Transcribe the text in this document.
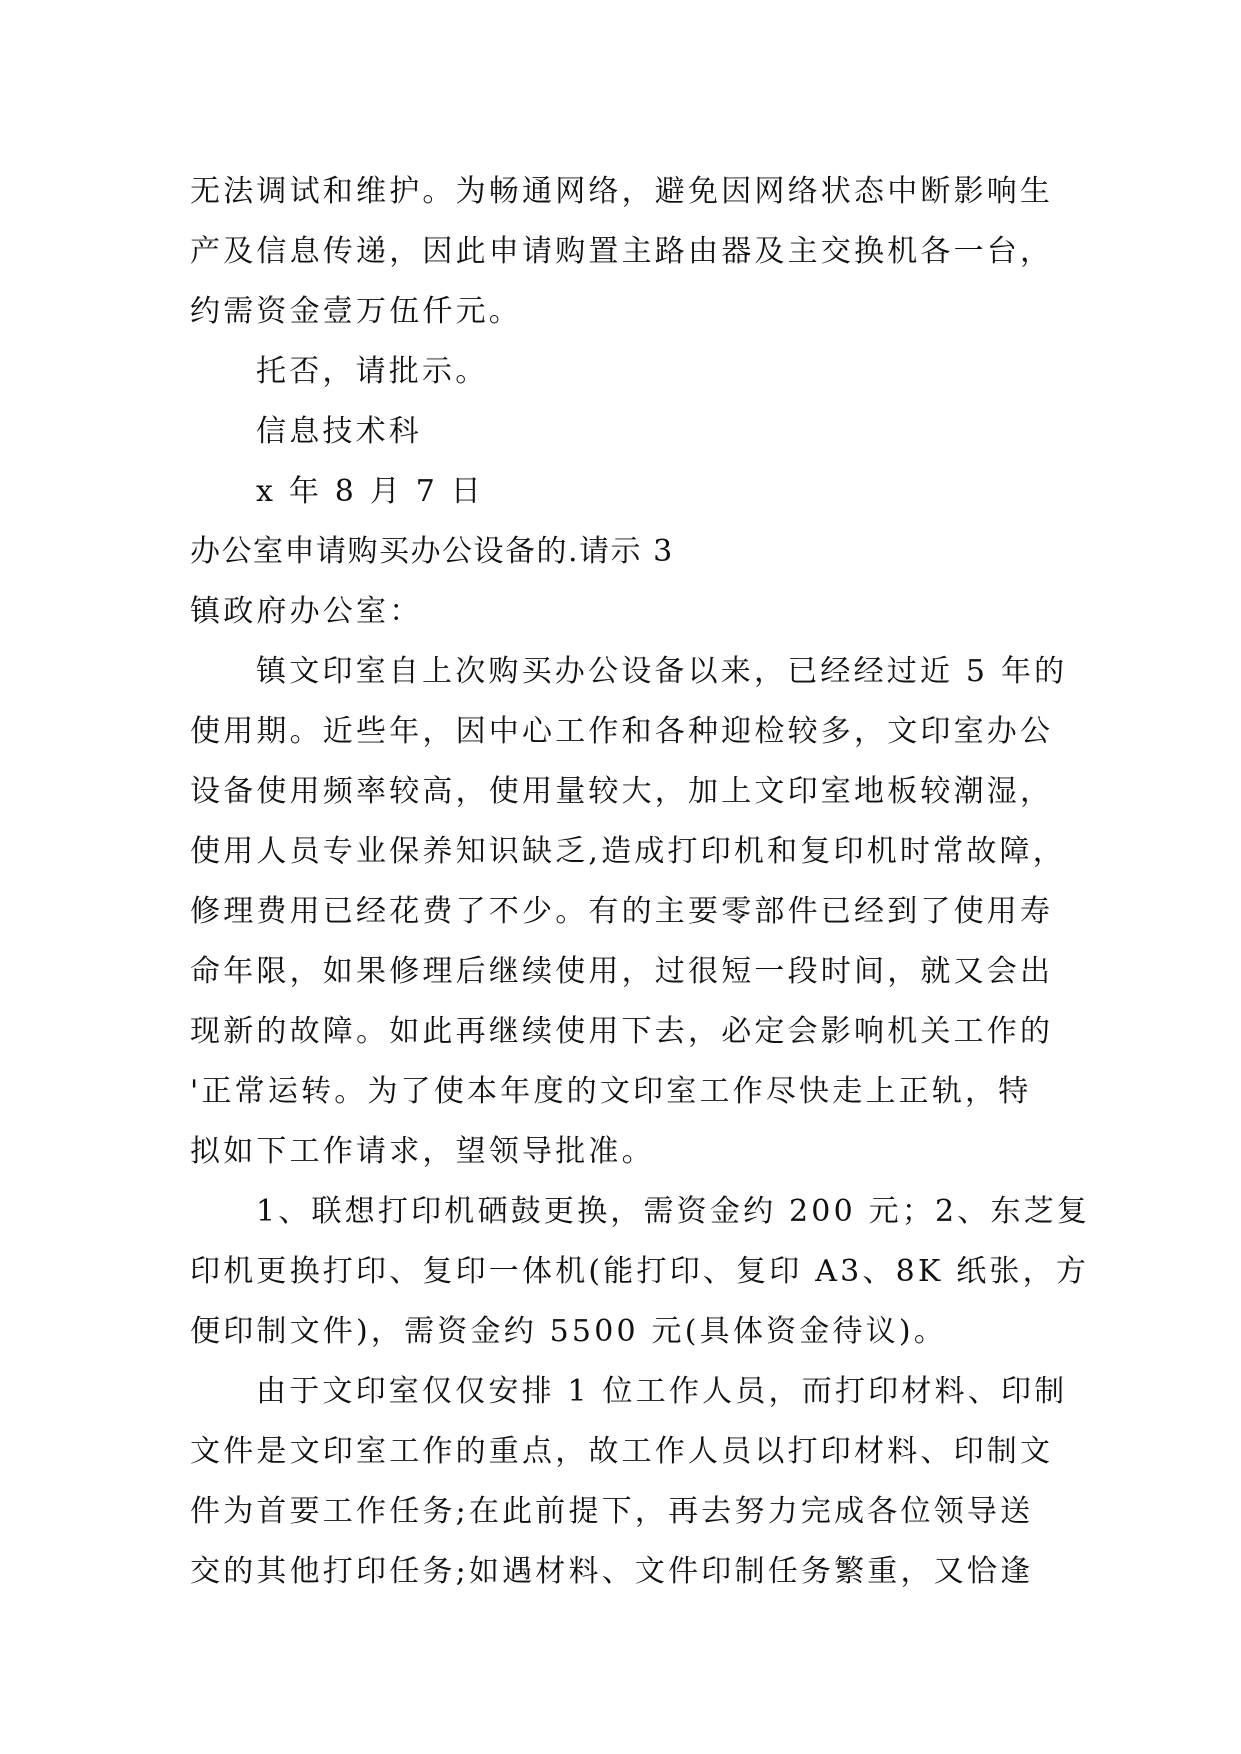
无法调试和维护。为畅通网络，避免因网络状态中断影响生
产及信息传递，因此申请购置主路由器及主交换机各一台，
约需资金壹万伍仟元。
托否，请批示。
信息技术科
x 年 8 月 7 日
办公室申请购买办公设备的.请示 3
镇政府办公室：
镇文印室自上次购买办公设备以来，已经经过近 5 年的
使用期。近些年，因中心工作和各种迎检较多，文印室办公
设备使用频率较高，使用量较大，加上文印室地板较潮湿，
使用人员专业保养知识缺乏,造成打印机和复印机时常故障，
修理费用已经花费了不少。有的主要零部件已经到了使用寿
命年限，如果修理后继续使用，过很短一段时间，就又会出
现新的故障。如此再继续使用下去，必定会影响机关工作的
'正常运转。为了使本年度的文印室工作尽快走上正轨，特
拟如下工作请求，望领导批准。
1、联想打印机硒鼓更换，需资金约 200 元；2、东芝复
印机更换打印、复印一体机(能打印、复印 A3、8K 纸张，方
便印制文件)，需资金约 5500 元(具体资金待议)。
由于文印室仅仅安排 1 位工作人员，而打印材料、印制
文件是文印室工作的重点，故工作人员以打印材料、印制文
件为首要工作任务;在此前提下，再去努力完成各位领导送
交的其他打印任务;如遇材料、文件印制任务繁重，又恰逢
